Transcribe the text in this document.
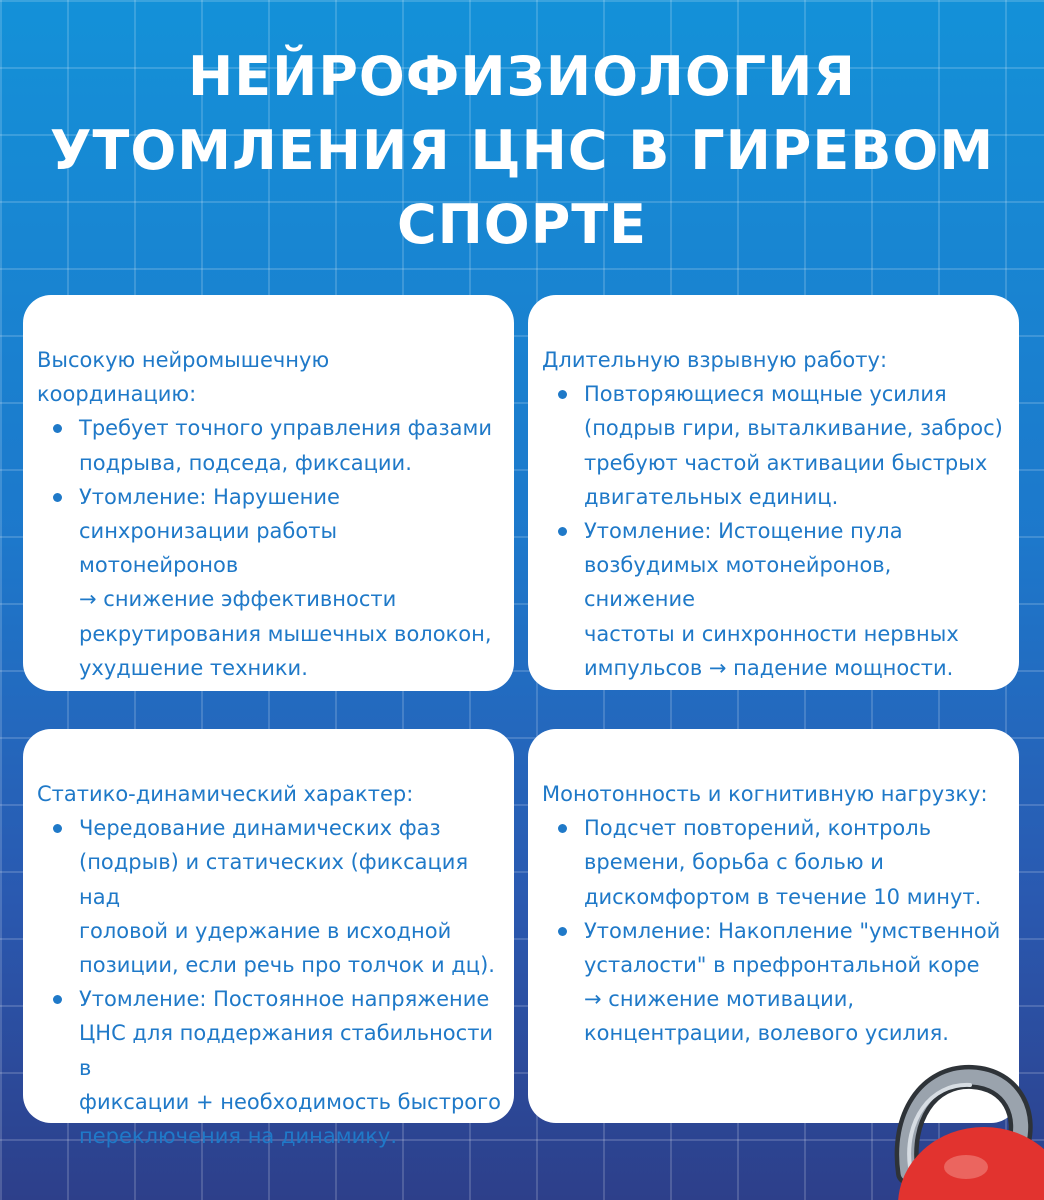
НЕЙРОФИЗИОЛОГИЯ
УТОМЛЕНИЯ ЦНС В ГИРЕВОМ
СПОРТЕ

Высокую нейромышечную
координацию:

Требует точного управления фазами
подрыва, подседа, фиксации.
Утомление: Нарушение
синхронизации работы мотонейронов
→ снижение эффективности
рекрутирования мышечных волокон,
ухудшение техники.

Длительную взрывную работу:

Повторяющиеся мощные усилия
(подрыв гири, выталкивание, заброс)
требуют частой активации быстрых
двигательных единиц.
Утомление: Истощение пула
возбудимых мотонейронов, снижение
частоты и синхронности нервных
импульсов → падение мощности.

Статико-динамический характер:

Чередование динамических фаз
(подрыв) и статических (фиксация над
головой и удержание в исходной
позиции, если речь про толчок и дц).
Утомление: Постоянное напряжение
ЦНС для поддержания стабильности в
фиксации + необходимость быстрого
переключения на динамику.

Монотонность и когнитивную нагрузку:

Подсчет повторений, контроль
времени, борьба с болью и
дискомфортом в течение 10 минут.
Утомление: Накопление "умственной
усталости" в префронтальной коре
→ снижение мотивации,
концентрации, волевого усилия.
